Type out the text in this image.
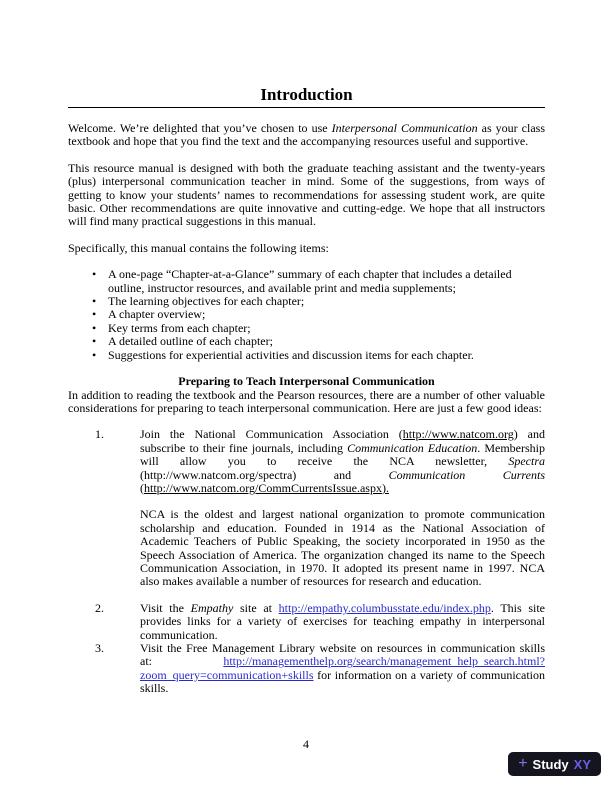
Introduction

Welcome. We’re delighted that you’ve chosen to use Interpersonal Communication as your class textbook and hope that you find the text and the accompanying resources useful and supportive.

This resource manual is designed with both the graduate teaching assistant and the twenty-years (plus) interpersonal communication teacher in mind. Some of the suggestions, from ways of getting to know your students’ names to recommendations for assessing student work, are quite basic. Other recommendations are quite innovative and cutting-edge. We hope that all instructors will find many practical suggestions in this manual.

Specifically, this manual contains the following items:

• A one-page “Chapter-at-a-Glance” summary of each chapter that includes a detailed outline, instructor resources, and available print and media supplements;
• The learning objectives for each chapter;
• A chapter overview;
• Key terms from each chapter;
• A detailed outline of each chapter;
• Suggestions for experiential activities and discussion items for each chapter.
Preparing to Teach Interpersonal Communication

In addition to reading the textbook and the Pearson resources, there are a number of other valuable considerations for preparing to teach interpersonal communication. Here are just a few good ideas:

1.	Join the National Communication Association (http://www.natcom.org) and subscribe to their fine journals, including Communication Education. Membership will allow you to receive the NCA newsletter, Spectra (http://www.natcom.org/spectra) and Communication Currents (http://www.natcom.org/CommCurrentsIssue.aspx).

NCA is the oldest and largest national organization to promote communication scholarship and education. Founded in 1914 as the National Association of Academic Teachers of Public Speaking, the society incorporated in 1950 as the Speech Association of America. The organization changed its name to the Speech Communication Association, in 1970. It adopted its present name in 1997. NCA also makes available a number of resources for research and education.

2.	Visit the Empathy site at http://empathy.columbusstate.edu/index.php. This site provides links for a variety of exercises for teaching empathy in interpersonal communication.
3.	Visit the Free Management Library website on resources in communication skills at: http://managementhelp.org/search/management_help_search.html?zoom_query=communication+skills for information on a variety of communication skills.
4
+ Study XY
